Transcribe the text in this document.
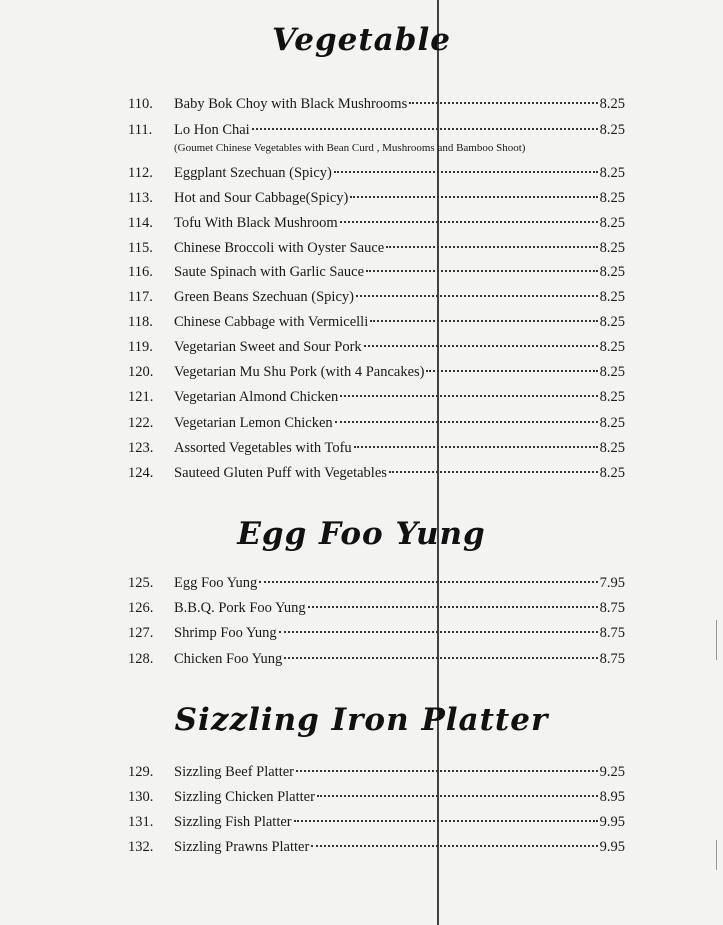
Vegetable
110.	Baby Bok Choy with Black Mushrooms	8.25
111.	Lo Hon Chai	8.25
(Goumet Chinese Vegetables with Bean Curd , Mushrooms and Bamboo Shoot)
112.	Eggplant Szechuan (Spicy)	8.25
113.	Hot and Sour Cabbage(Spicy)	8.25
114.	Tofu With Black Mushroom	8.25
115.	Chinese Broccoli with Oyster Sauce	8.25
116.	Saute Spinach with Garlic Sauce	8.25
117.	Green Beans Szechuan (Spicy)	8.25
118.	Chinese Cabbage with Vermicelli	8.25
119.	Vegetarian Sweet and Sour Pork	8.25
120.	Vegetarian Mu Shu Pork (with 4 Pancakes)	8.25
121.	Vegetarian Almond Chicken	8.25
122.	Vegetarian Lemon Chicken	8.25
123.	Assorted Vegetables with Tofu	8.25
124.	Sauteed Gluten Puff with Vegetables	8.25
Egg Foo Yung
125.	Egg Foo Yung	7.95
126.	B.B.Q. Pork Foo Yung	8.75
127.	Shrimp Foo Yung	8.75
128.	Chicken Foo Yung	8.75
Sizzling Iron Platter
129.	Sizzling Beef Platter	9.25
130.	Sizzling Chicken Platter	8.95
131.	Sizzling Fish Platter	9.95
132.	Sizzling Prawns Platter	9.95
